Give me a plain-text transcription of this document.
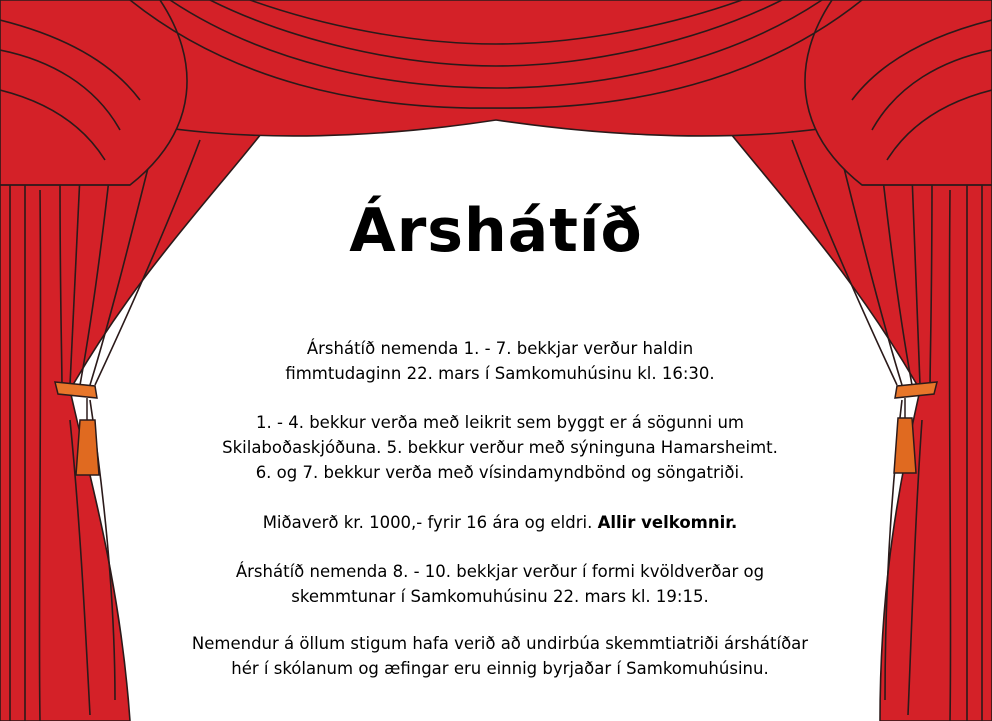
Árshátíð
Árshátíð nemenda 1. - 7. bekkjar verður haldin
fimmtudaginn 22. mars í Samkomuhúsinu kl. 16:30.
1. - 4. bekkur verða með leikrit sem byggt er á sögunni um
Skilaboðaskjóðuna. 5. bekkur verður með sýninguna Hamarsheimt.
6. og 7. bekkur verða með vísindamyndbönd og söngatriði.
Miðaverð kr. 1000,- fyrir 16 ára og eldri. Allir velkomnir.
Árshátíð nemenda 8. - 10. bekkjar verður í formi kvöldverðar og
skemmtunar í Samkomuhúsinu 22. mars kl. 19:15.
Nemendur á öllum stigum hafa verið að undirbúa skemmtiatriði árshátíðar
hér í skólanum og æfingar eru einnig byrjaðar í Samkomuhúsinu.
